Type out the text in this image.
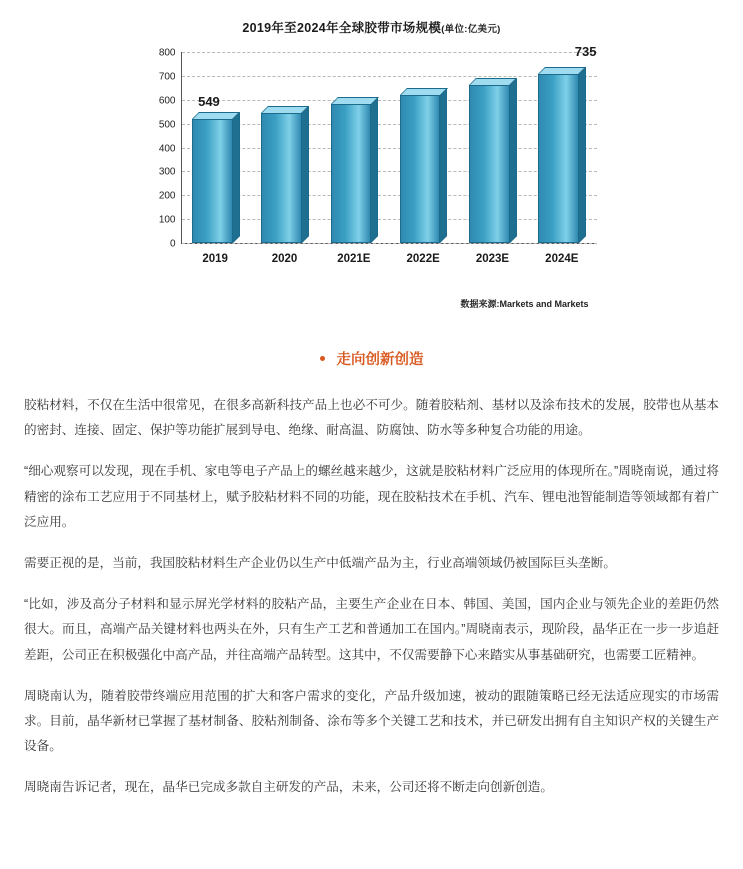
2019年至2024年全球胶带市场规模(单位:亿美元)
800
700
600
500
400
300
200
100
0
549
735
2019	2020	2021E	2022E	2023E	2024E
数据来源:Markets and Markets
走向创新创造

胶粘材料，不仅在生活中很常见，在很多高新科技产品上也必不可少。随着胶粘剂、基材以及涂布技术的发展，胶带也从基本的密封、连接、固定、保护等功能扩展到导电、绝缘、耐高温、防腐蚀、防水等多种复合功能的用途。

“细心观察可以发现，现在手机、家电等电子产品上的螺丝越来越少，这就是胶粘材料广泛应用的体现所在。”周晓南说，通过将精密的涂布工艺应用于不同基材上，赋予胶粘材料不同的功能，现在胶粘技术在手机、汽车、锂电池智能制造等领域都有着广泛应用。

需要正视的是，当前，我国胶粘材料生产企业仍以生产中低端产品为主，行业高端领域仍被国际巨头垄断。

“比如，涉及高分子材料和显示屏光学材料的胶粘产品，主要生产企业在日本、韩国、美国，国内企业与领先企业的差距仍然很大。而且，高端产品关键材料也两头在外，只有生产工艺和普通加工在国内。”周晓南表示，现阶段，晶华正在一步一步追赶差距，公司正在积极强化中高产品，并往高端产品转型。这其中，不仅需要静下心来踏实从事基础研究，也需要工匠精神。

周晓南认为，随着胶带终端应用范围的扩大和客户需求的变化，产品升级加速，被动的跟随策略已经无法适应现实的市场需求。目前，晶华新材已掌握了基材制备、胶粘剂制备、涂布等多个关键工艺和技术，并已研发出拥有自主知识产权的关键生产设备。

周晓南告诉记者，现在，晶华已完成多款自主研发的产品，未来，公司还将不断走向创新创造。
